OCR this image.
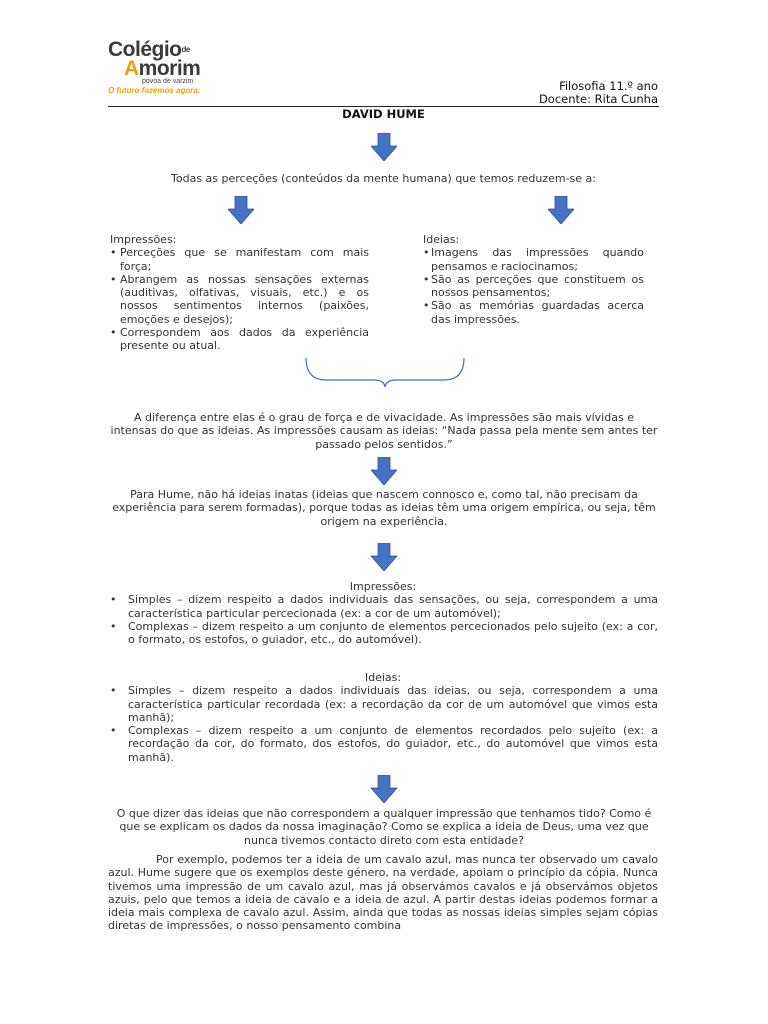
Colégiode
Amorim
povoa de varzim
O futuro fazemos agora.	Filosofia 11.º ano
Docente: Rita Cunha
DAVID HUME
Todas as perceções (conteúdos da mente humana) que temos reduzem-se a:
Impressões:
• Perceções que se manifestam com mais força;
• Abrangem as nossas sensações externas (auditivas, olfativas, visuais, etc.) e os nossos sentimentos internos (paixões, emoções e desejos);
• Correspondem aos dados da experiência presente ou atual.
Ideias:
• Imagens das impressões quando pensamos e raciocinamos;
• São as perceções que constituem os nossos pensamentos;
• São as memórias guardadas acerca das impressões.
A diferença entre elas é o grau de força e de vivacidade. As impressões são mais vívidas e intensas do que as ideias. As impressões causam as ideias: “Nada passa pela mente sem antes ter passado pelos sentidos.”
Para Hume, não há ideias inatas (ideias que nascem connosco e, como tal, não precisam da experiência para serem formadas), porque todas as ideias têm uma origem empírica, ou seja, têm origem na experiência.
Impressões:
• Simples – dizem respeito a dados individuais das sensações, ou seja, correspondem a uma característica particular percecionada (ex: a cor de um automóvel);
• Complexas – dizem respeito a um conjunto de elementos percecionados pelo sujeito (ex: a cor, o formato, os estofos, o guiador, etc., do automóvel).
Ideias:
• Simples – dizem respeito a dados individuais das ideias, ou seja, correspondem a uma característica particular recordada (ex: a recordação da cor de um automóvel que vimos esta manhã);
• Complexas – dizem respeito a um conjunto de elementos recordados pelo sujeito (ex: a recordação da cor, do formato, dos estofos, do guiador, etc., do automóvel que vimos esta manhã).
O que dizer das ideias que não correspondem a qualquer impressão que tenhamos tido? Como é que se explicam os dados da nossa imaginação? Como se explica a ideia de Deus, uma vez que nunca tivemos contacto direto com esta entidade?
Por exemplo, podemos ter a ideia de um cavalo azul, mas nunca ter observado um cavalo azul. Hume sugere que os exemplos deste género, na verdade, apoiam o princípio da cópia. Nunca tivemos uma impressão de um cavalo azul, mas já observámos cavalos e já observámos objetos azuis, pelo que temos a ideia de cavalo e a ideia de azul. A partir destas ideias podemos formar a ideia mais complexa de cavalo azul. Assim, ainda que todas as nossas ideias simples sejam cópias diretas de impressões, o nosso pensamento combina
